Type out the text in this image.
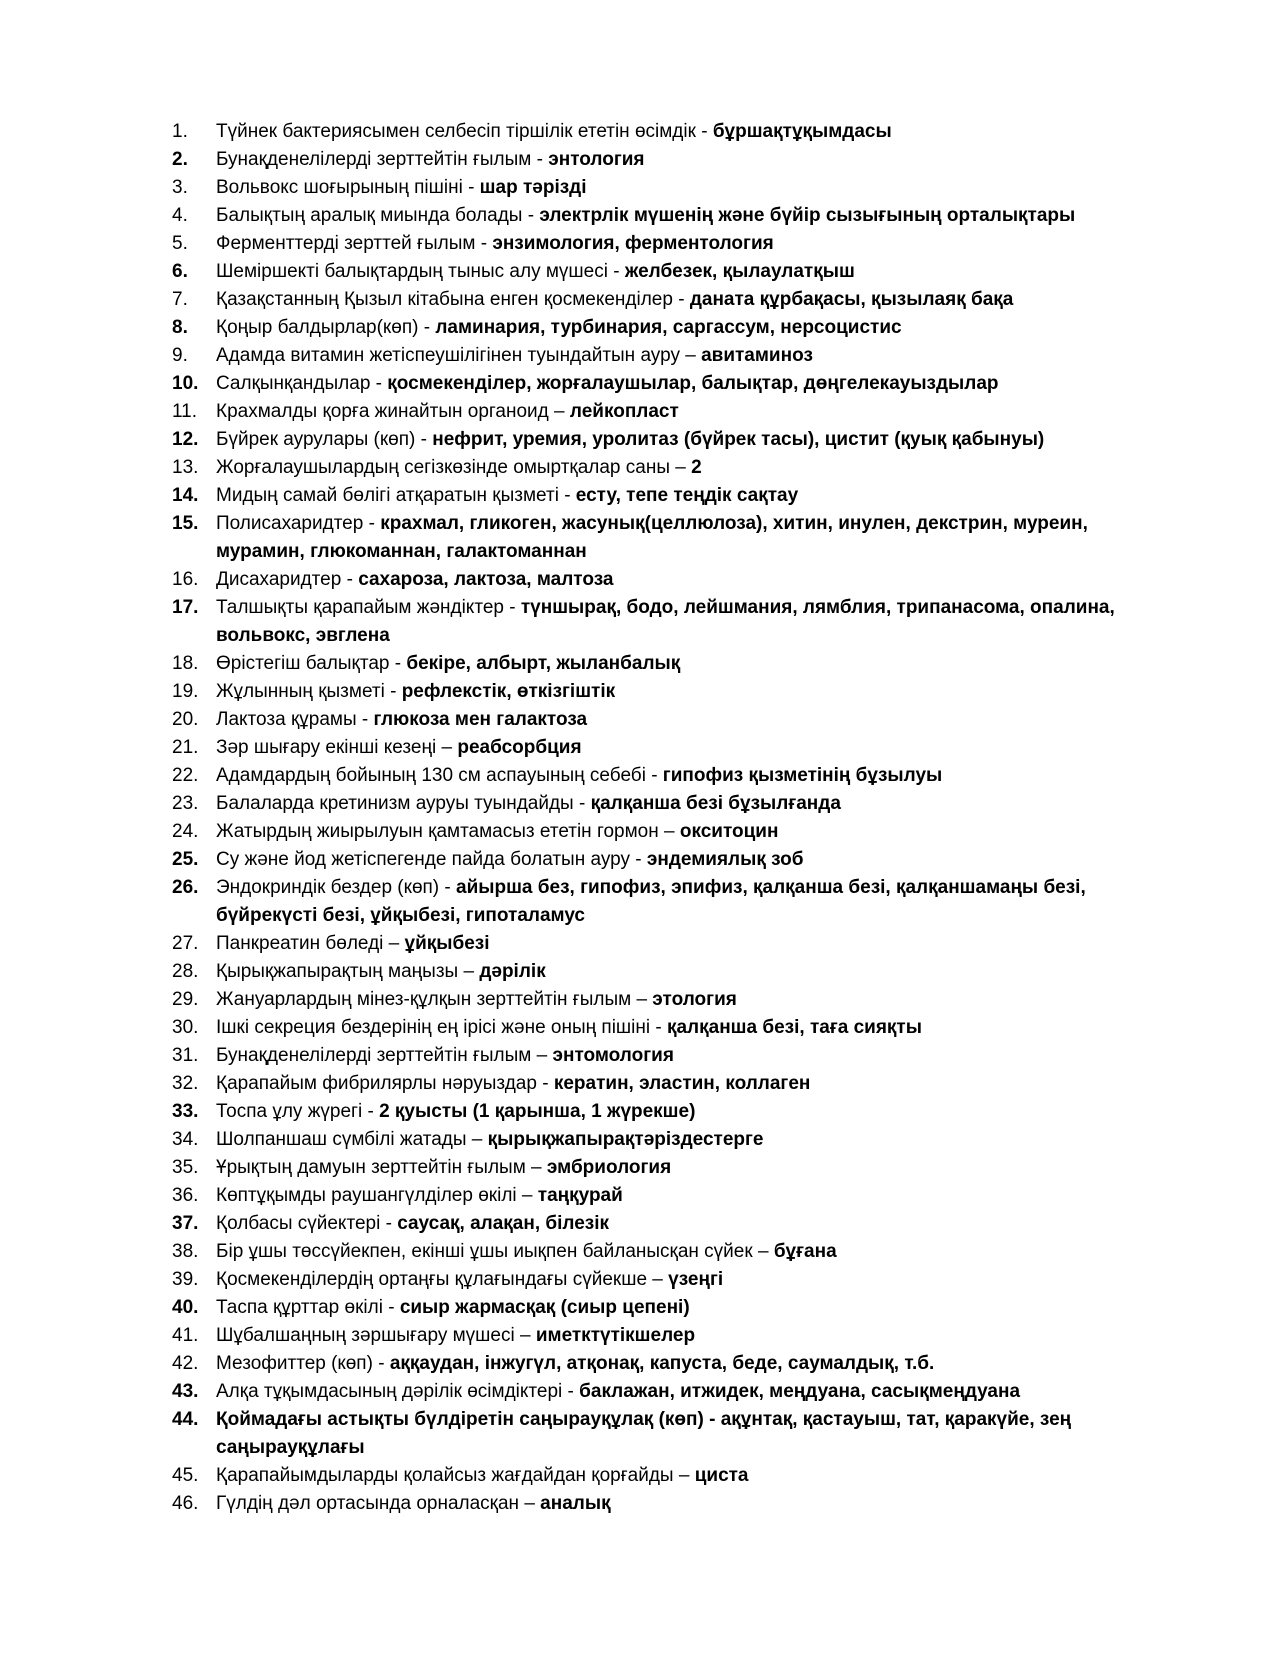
1.	Түйнек бактериясымен селбесіп тіршілік ететін өсімдік - бұршақтұқымдасы
2.	Бунақденелілерді зерттейтін ғылым - энтология
3.	Вольвокс шоғырының пішіні - шар тәрізді
4.	Балықтың аралық миында болады - электрлік мүшенің және бүйір сызығының орталықтары
5.	Ферменттерді зерттей ғылым - энзимология, ферментология
6.	Шеміршекті балықтардың тыныс алу мүшесі - желбезек, қылаулатқыш
7.	Қазақстанның Қызыл кітабына енген қосмекенділер - даната құрбақасы, қызылаяқ бақа
8.	Қоңыр балдырлар(көп) - ламинария, турбинария, саргассум, нерсоцистис
9.	Адамда витамин жетіспеушілігінен туындайтын ауру – авитаминоз
10. Салқынқандылар - қосмекенділер, жорғалаушылар, балықтар, дөңгелекауыздылар
11. Крахмалды қорға жинайтын органоид – лейкопласт
12. Бүйрек аурулары (көп) - нефрит, уремия, уролитаз (бүйрек тасы), цистит (қуық қабынуы)
13. Жорғалаушылардың сегізкөзінде омыртқалар саны – 2
14. Мидың самай бөлігі атқаратын қызметі - есту, тепе теңдік сақтау
15. Полисахаридтер - крахмал, гликоген, жасунық(целлюлоза), хитин, инулен, декстрин, муреин, мурамин, глюкоманнан, галактоманнан
16. Дисахаридтер - сахароза, лактоза, малтоза
17. Талшықты қарапайым жәндіктер - түншырақ, бодо, лейшмания, лямблия, трипанасома, опалина, вольвокс, эвглена
18. Өрістегіш балықтар - бекіре, албырт, жыланбалық
19. Жұлынның қызметі - рефлекстік, өткізгіштік
20. Лактоза құрамы - глюкоза мен галактоза
21. Зәр шығару екінші кезеңі – реабсорбция
22. Адамдардың бойының 130 см аспауының себебі - гипофиз қызметінің бұзылуы
23. Балаларда кретинизм ауруы туындайды - қалқанша безі бұзылғанда
24. Жатырдың жиырылуын қамтамасыз ететін гормон – окситоцин
25. Су және йод жетіспегенде пайда болатын ауру - эндемиялық зоб
26. Эндокриндік бездер (көп) - айырша без, гипофиз, эпифиз, қалқанша безі, қалқаншамаңы безі, бүйрекүсті безі, ұйқыбезі, гипоталамус
27. Панкреатин бөледі – ұйқыбезі
28. Қырықжапырақтың маңызы – дәрілік
29. Жануарлардың мінез-құлқын зерттейтін ғылым – этология
30. Ішкі секреция бездерінің ең ірісі және оның пішіні - қалқанша безі, таға сияқты
31. Бунақденелілерді зерттейтін ғылым – энтомология
32. Қарапайым фибрилярлы нәруыздар - кератин, эластин, коллаген
33. Тоспа ұлу жүрегі - 2 қуысты (1 қарынша, 1 жүрекше)
34. Шолпаншаш сүмбілі жатады – қырықжапырақтәріздестерге
35. Ұрықтың дамуын зерттейтін ғылым – эмбриология
36. Көптұқымды раушангүлділер өкілі – таңқурай
37. Қолбасы сүйектері - саусақ, алақан, білезік
38. Бір ұшы төссүйекпен, екінші ұшы иықпен байланысқан сүйек – бұғана
39. Қосмекенділердің ортаңғы құлағындағы сүйекше – үзеңгі
40. Таспа құрттар өкілі - сиыр жармасқақ (сиыр цепені)
41. Шұбалшаңның зәршығару мүшесі – иметктүтікшелер
42. Мезофиттер (көп) - аққаудан, інжугүл, атқонақ, капуста, беде, саумалдық, т.б.
43. Алқа тұқымдасының дәрілік өсімдіктері - баклажан, итжидек, меңдуана, сасықмеңдуана
44. Қоймадағы астықты бүлдіретін саңырауқұлақ (көп) - ақұнтақ, қастауыш, тат, қаракүйе, зең саңырауқұлағы
45. Қарапайымдыларды қолайсыз жағдайдан қорғайды – циста
46. Гүлдің дәл ортасында орналасқан – аналық
